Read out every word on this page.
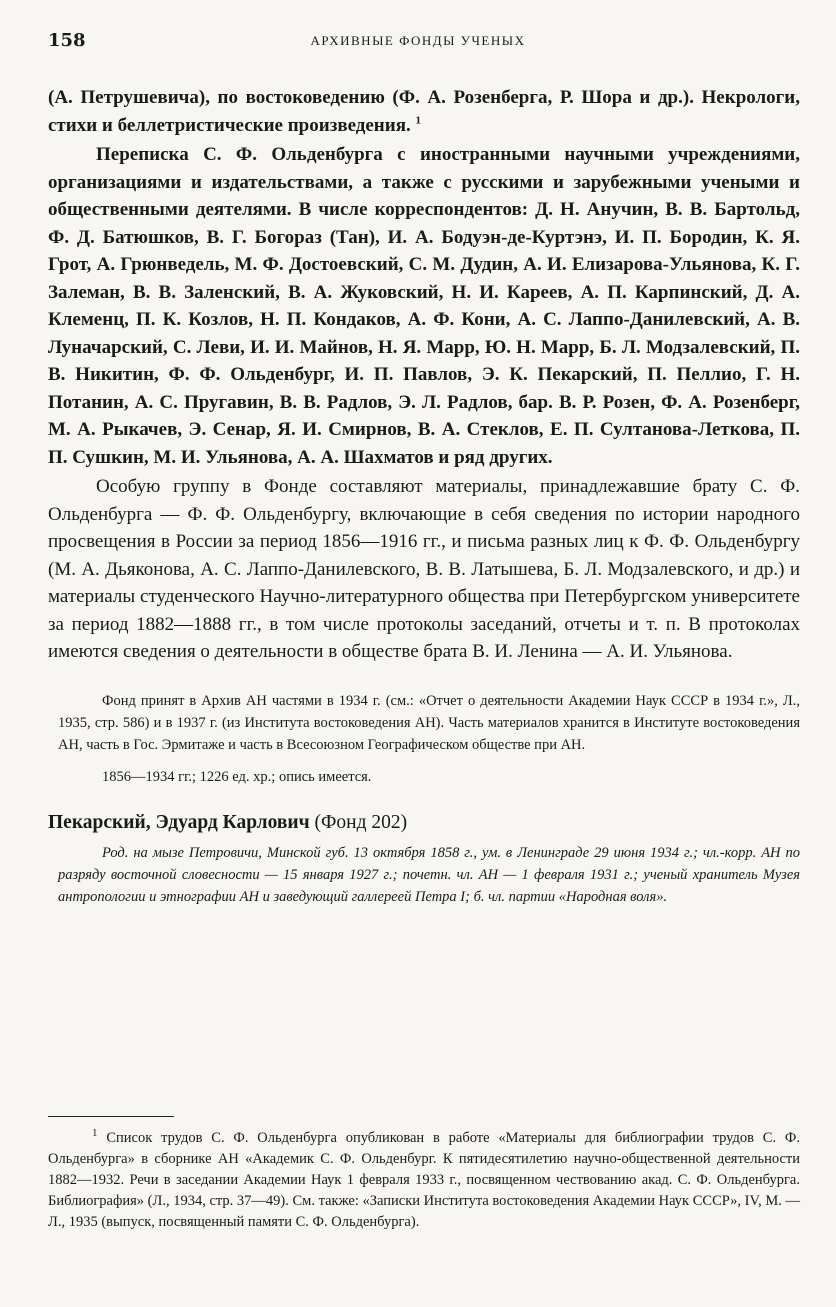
158	АРХИВНЫЕ ФОНДЫ УЧЕНЫХ

(А. Петрушевича), по востоковедению (Ф. А. Розенберга, Р. Шора и др.). Некрологи, стихи и беллетристические произведения. $^1$

Переписка С. Ф. Ольденбурга с иностранными научными учреждениями, организациями и издательствами, а также с русскими и зарубежными учеными и общественными деятелями. В числе корреспондентов: Д. Н. Анучин, В. В. Бартольд, Ф. Д. Батюшков, В. Г. Богораз (Тан), И. А. Бодуэн-де-Куртэнэ, И. П. Бородин, К. Я. Грот, А. Грюнведель, М. Ф. Достоевский, С. М. Дудин, А. И. Елизарова-Ульянова, К. Г. Залеман, В. В. Заленский, В. А. Жуковский, Н. И. Кареев, А. П. Карпинский, Д. А. Клеменц, П. К. Козлов, Н. П. Кондаков, А. Ф. Кони, А. С. Лаппо-Данилевский, А. В. Луначарский, С. Леви, И. И. Майнов, Н. Я. Марр, Ю. Н. Марр, Б. Л. Модзалевский, П. В. Никитин, Ф. Ф. Ольденбург, И. П. Павлов, Э. К. Пекарский, П. Пеллио, Г. Н. Потанин, А. С. Пругавин, В. В. Радлов, Э. Л. Радлов, бар. В. Р. Розен, Ф. А. Розенберг, М. А. Рыкачев, Э. Сенар, Я. И. Смирнов, В. А. Стеклов, Е. П. Султанова-Леткова, П. П. Сушкин, М. И. Ульянова, А. А. Шахматов и ряд других.

Особую группу в Фонде составляют материалы, принадлежавшие брату С. Ф. Ольденбурга — Ф. Ф. Ольденбургу, включающие в себя сведения по истории народного просвещения в России за период 1856—1916 гг., и письма разных лиц к Ф. Ф. Ольденбургу (М. А. Дьяконова, А. С. Лаппо-Данилевского, В. В. Латышева, Б. Л. Модзалевского, и др.) и материалы студенческого Научно-литературного общества при Петербургском университете за период 1882—1888 гг., в том числе протоколы заседаний, отчеты и т. п. В протоколах имеются сведения о деятельности в обществе брата В. И. Ленина — А. И. Ульянова.

Фонд принят в Архив АН частями в 1934 г. (см.: «Отчет о деятельности Академии Наук СССР в 1934 г.», Л., 1935, стр. 586) и в 1937 г. (из Института востоковедения АН). Часть материалов хранится в Институте востоковедения АН, часть в Гос. Эрмитаже и часть в Всесоюзном Географическом обществе при АН.

1856—1934 гг.; 1226 ед. хр.; опись имеется.

Пекарский, Эдуард Карлович (Фонд 202)

Род. на мызе Петровичи, Минской губ. 13 октября 1858 г., ум. в Ленинграде 29 июня 1934 г.; чл.-корр. АН по разряду восточной словесности — 15 января 1927 г.; почетн. чл. АН — 1 февраля 1931 г.; ученый хранитель Музея антропологии и этнографии АН и заведующий галлереей Петра I; б. чл. партии «Народная воля».

$^1$ Список трудов С. Ф. Ольденбурга опубликован в работе «Материалы для библиографии трудов С. Ф. Ольденбурга» в сборнике АН «Академик С. Ф. Ольденбург. К пятидесятилетию научно-общественной деятельности 1882—1932. Речи в заседании Академии Наук 1 февраля 1933 г., посвященном чествованию акад. С. Ф. Ольденбурга. Библиография» (Л., 1934, стр. 37—49). См. также: «Записки Института востоковедения Академии Наук СССР», IV, М. — Л., 1935 (выпуск, посвященный памяти С. Ф. Ольденбурга).
